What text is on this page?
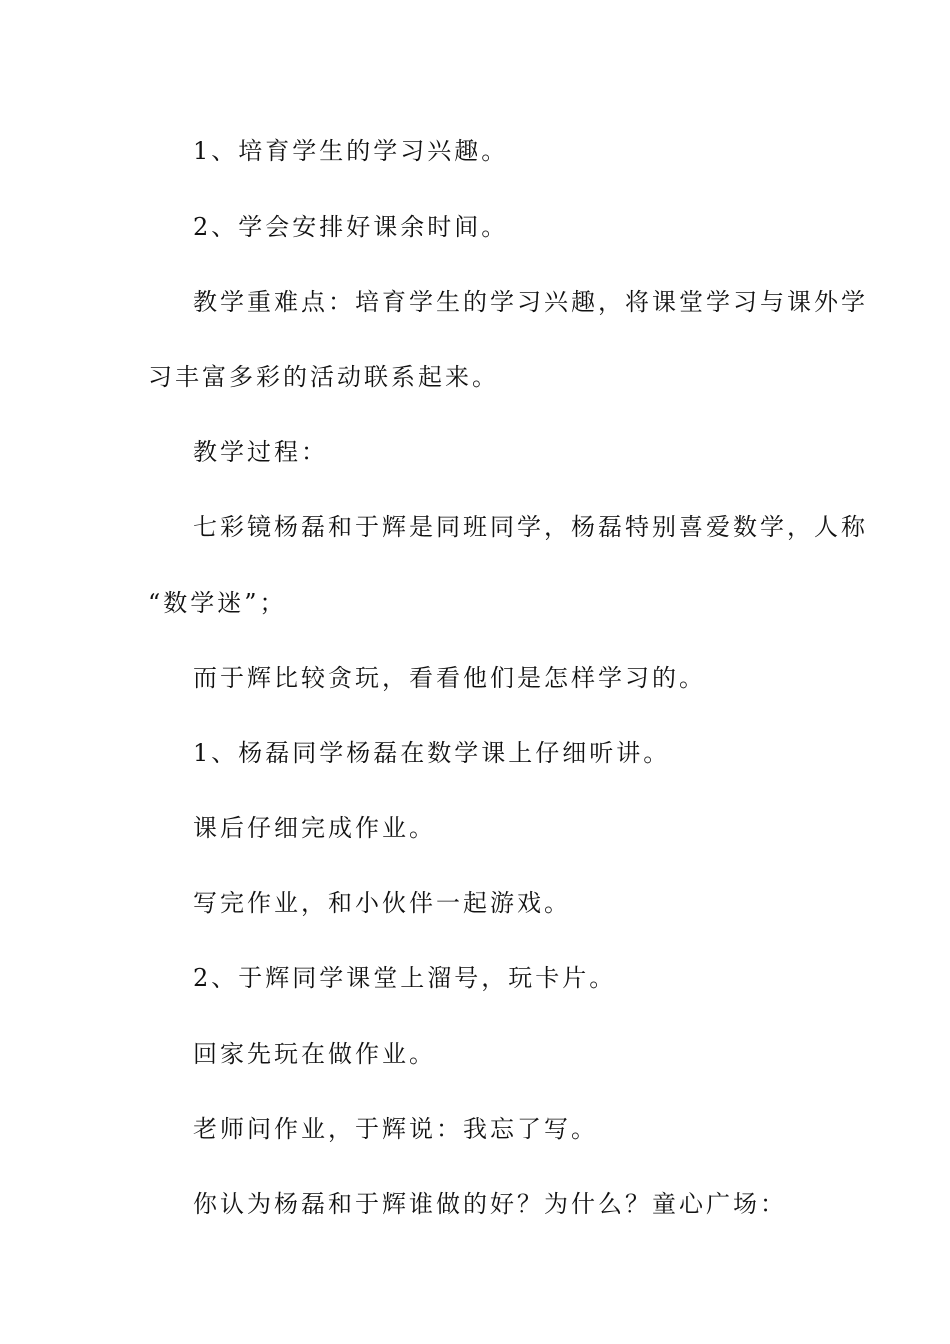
1、培育学生的学习兴趣。
2、学会安排好课余时间。
教学重难点：培育学生的学习兴趣，将课堂学习与课外学
习丰富多彩的活动联系起来。
教学过程：
七彩镜杨磊和于辉是同班同学，杨磊特别喜爱数学，人称
“数学迷”；
而于辉比较贪玩，看看他们是怎样学习的。
1、杨磊同学杨磊在数学课上仔细听讲。
课后仔细完成作业。
写完作业，和小伙伴一起游戏。
2、于辉同学课堂上溜号，玩卡片。
回家先玩在做作业。
老师问作业，于辉说：我忘了写。
你认为杨磊和于辉谁做的好？为什么？童心广场：
